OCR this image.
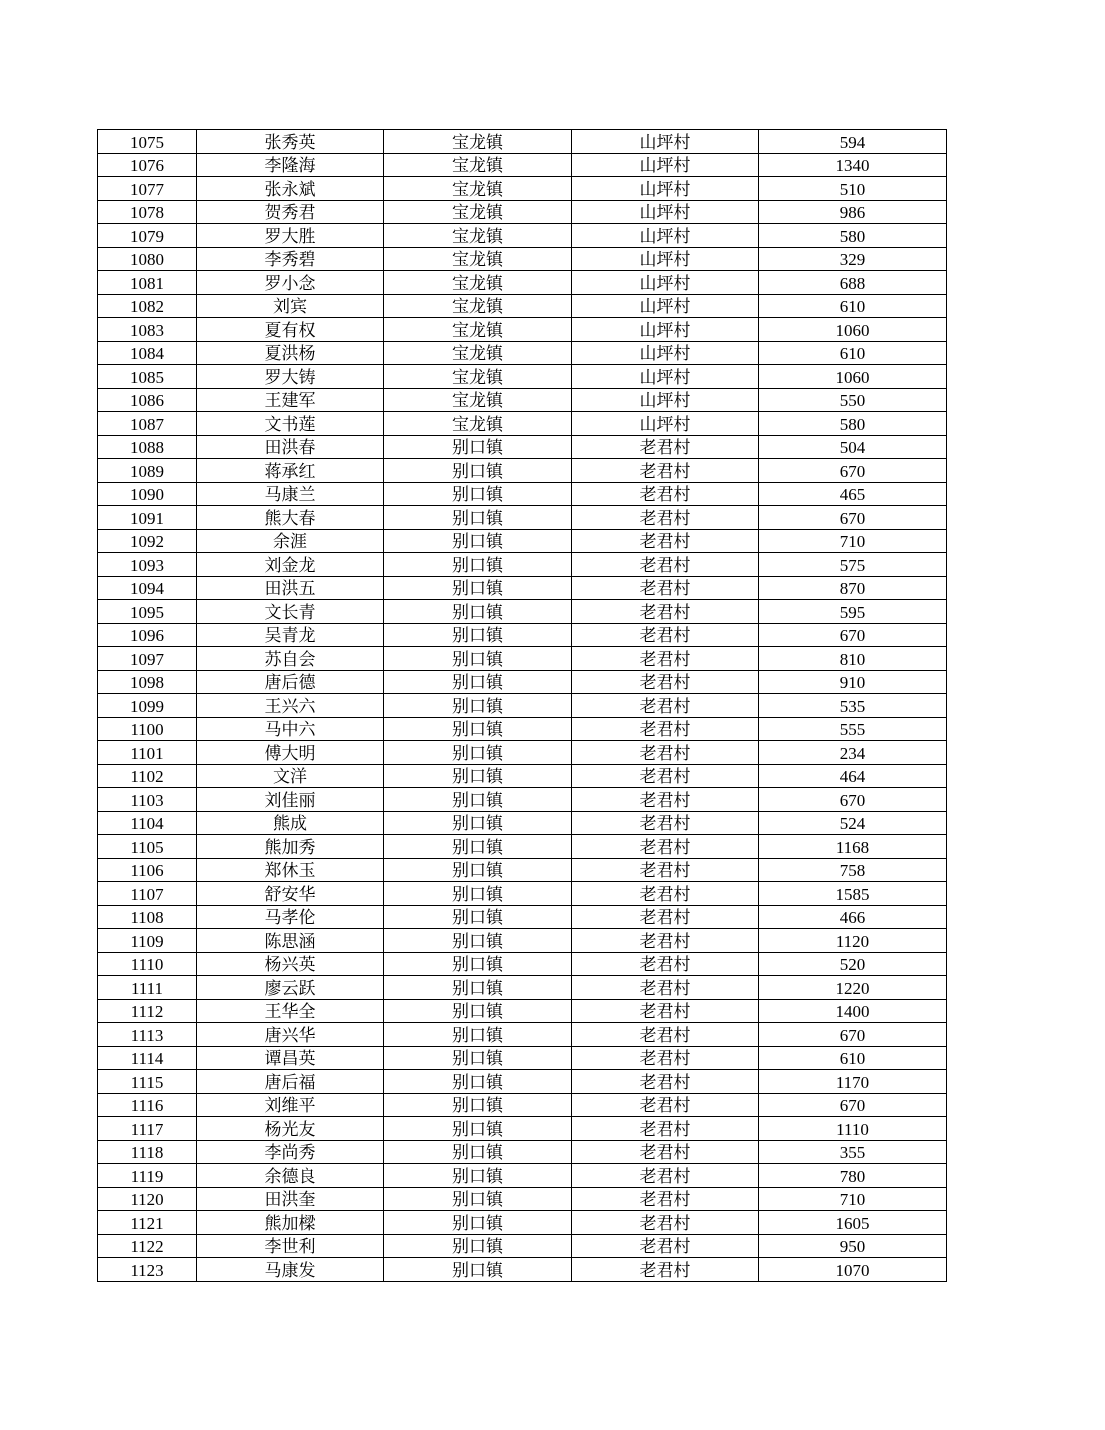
1075	张秀英	宝龙镇	山坪村	594
1076	李隆海	宝龙镇	山坪村	1340
1077	张永斌	宝龙镇	山坪村	510
1078	贺秀君	宝龙镇	山坪村	986
1079	罗大胜	宝龙镇	山坪村	580
1080	李秀碧	宝龙镇	山坪村	329
1081	罗小念	宝龙镇	山坪村	688
1082	刘宾	宝龙镇	山坪村	610
1083	夏有权	宝龙镇	山坪村	1060
1084	夏洪杨	宝龙镇	山坪村	610
1085	罗大铸	宝龙镇	山坪村	1060
1086	王建军	宝龙镇	山坪村	550
1087	文书莲	宝龙镇	山坪村	580
1088	田洪春	别口镇	老君村	504
1089	蒋承红	别口镇	老君村	670
1090	马康兰	别口镇	老君村	465
1091	熊大春	别口镇	老君村	670
1092	余涯	别口镇	老君村	710
1093	刘金龙	别口镇	老君村	575
1094	田洪五	别口镇	老君村	870
1095	文长青	别口镇	老君村	595
1096	吴青龙	别口镇	老君村	670
1097	苏自会	别口镇	老君村	810
1098	唐后德	别口镇	老君村	910
1099	王兴六	别口镇	老君村	535
1100	马中六	别口镇	老君村	555
1101	傅大明	别口镇	老君村	234
1102	文洋	别口镇	老君村	464
1103	刘佳丽	别口镇	老君村	670
1104	熊成	别口镇	老君村	524
1105	熊加秀	别口镇	老君村	1168
1106	郑休玉	别口镇	老君村	758
1107	舒安华	别口镇	老君村	1585
1108	马孝伦	别口镇	老君村	466
1109	陈思涵	别口镇	老君村	1120
1110	杨兴英	别口镇	老君村	520
1111	廖云跃	别口镇	老君村	1220
1112	王华全	别口镇	老君村	1400
1113	唐兴华	别口镇	老君村	670
1114	谭昌英	别口镇	老君村	610
1115	唐后福	别口镇	老君村	1170
1116	刘维平	别口镇	老君村	670
1117	杨光友	别口镇	老君村	1110
1118	李尚秀	别口镇	老君村	355
1119	余德良	别口镇	老君村	780
1120	田洪奎	别口镇	老君村	710
1121	熊加樑	别口镇	老君村	1605
1122	李世利	别口镇	老君村	950
1123	马康发	别口镇	老君村	1070
